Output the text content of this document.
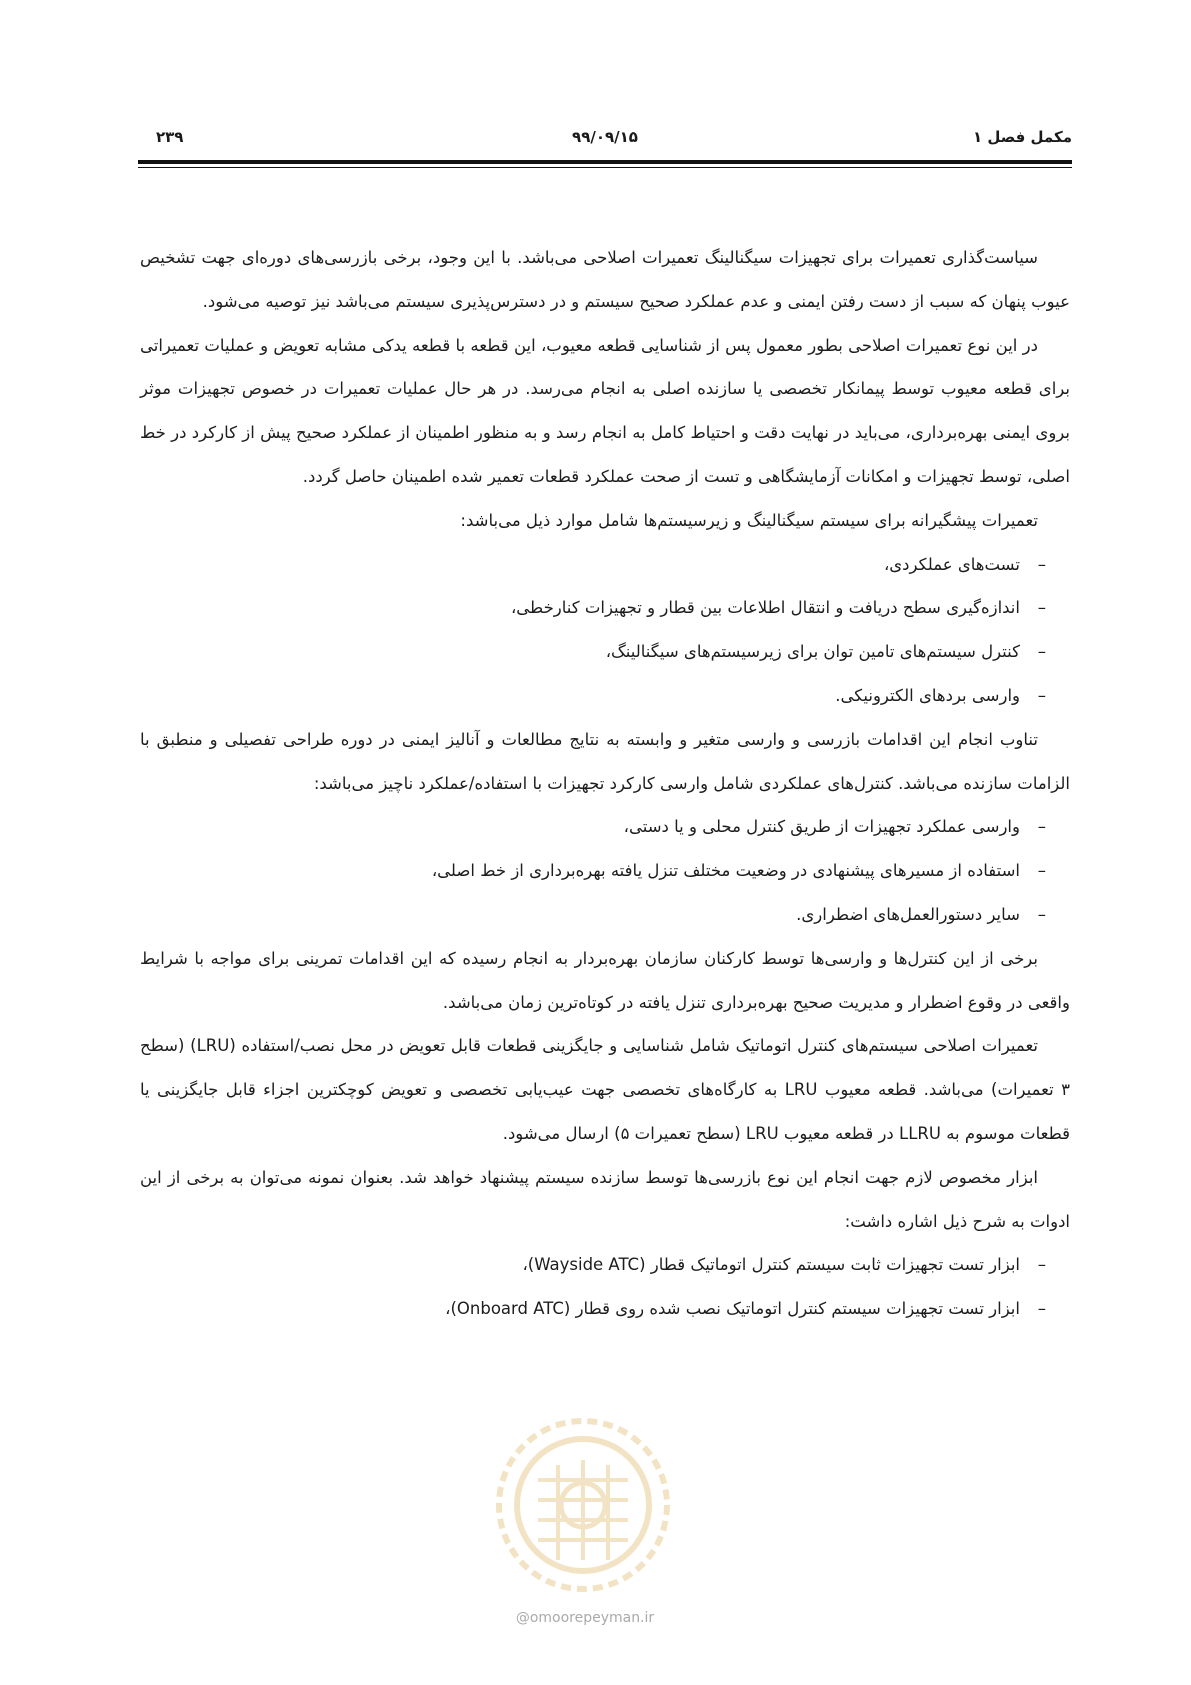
مکمل فصل ۱
۹۹/۰۹/۱۵
۲۳۹

سیاست‌گذاری تعمیرات برای تجهیزات سیگنالینگ تعمیرات اصلاحی می‌باشد. با این وجود، برخی بازرسی‌های دوره‌ای جهت تشخیص عیوب پنهان که سبب از دست رفتن ایمنی و عدم عملکرد صحیح سیستم و در دسترس‌پذیری سیستم می‌باشد نیز توصیه می‌شود.

در این نوع تعمیرات اصلاحی بطور معمول پس از شناسایی قطعه معیوب، این قطعه با قطعه یدکی مشابه تعویض و عملیات تعمیراتی برای قطعه معیوب توسط پیمانکار تخصصی یا سازنده اصلی به انجام می‌رسد. در هر حال عملیات تعمیرات در خصوص تجهیزات موثر بروی ایمنی بهره‌برداری، می‌باید در نهایت دقت و احتیاط کامل به انجام رسد و به منظور اطمینان از عملکرد صحیح پیش از کارکرد در خط اصلی، توسط تجهیزات و امکانات آزمایشگاهی و تست از صحت عملکرد قطعات تعمیر شده اطمینان حاصل گردد.

تعمیرات پیشگیرانه برای سیستم سیگنالینگ و زیرسیستم‌ها شامل موارد ذیل می‌باشد:

–
تست‌های عملکردی،
–
اندازه‌گیری سطح دریافت و انتقال اطلاعات بین قطار و تجهیزات کنارخطی،
–
کنترل سیستم‌های تامین توان برای زیرسیستم‌های سیگنالینگ،
–
وارسی بردهای الکترونیکی.

تناوب انجام این اقدامات بازرسی و وارسی متغیر و وابسته به نتایج مطالعات و آنالیز ایمنی در دوره طراحی تفصیلی و منطبق با الزامات سازنده می‌باشد. کنترل‌های عملکردی شامل وارسی کارکرد تجهیزات با استفاده/عملکرد ناچیز می‌باشد:

–
وارسی عملکرد تجهیزات از طریق کنترل محلی و یا دستی،
–
استفاده از مسیرهای پیشنهادی در وضعیت مختلف تنزل یافته بهره‌برداری از خط اصلی،
–
سایر دستورالعمل‌های اضطراری.

برخی از این کنترل‌ها و وارسی‌ها توسط کارکنان سازمان بهره‌بردار به انجام رسیده که این اقدامات تمرینی برای مواجه با شرایط واقعی در وقوع اضطرار و مدیریت صحیح بهره‌برداری تنزل یافته در کوتاه‌ترین زمان می‌باشد.

تعمیرات اصلاحی سیستم‌های کنترل اتوماتیک شامل شناسایی و جایگزینی قطعات قابل تعویض در محل نصب/استفاده (LRU) (سطح ۳ تعمیرات) می‌باشد. قطعه معیوب LRU به کارگاه‌های تخصصی جهت عیب‌یابی تخصصی و تعویض کوچکترین اجزاء قابل جایگزینی یا قطعات موسوم به LLRU در قطعه معیوب LRU (سطح تعمیرات ۵) ارسال می‌شود.

ابزار مخصوص لازم جهت انجام این نوع بازرسی‌ها توسط سازنده سیستم پیشنهاد خواهد شد. بعنوان نمونه می‌توان به برخی از این ادوات به شرح ذیل اشاره داشت:

–
ابزار تست تجهیزات ثابت سیستم کنترل اتوماتیک قطار (Wayside ATC)،
–
ابزار تست تجهیزات سیستم کنترل اتوماتیک نصب شده روی قطار (Onboard ATC)،
@omoorepeyman.ir
